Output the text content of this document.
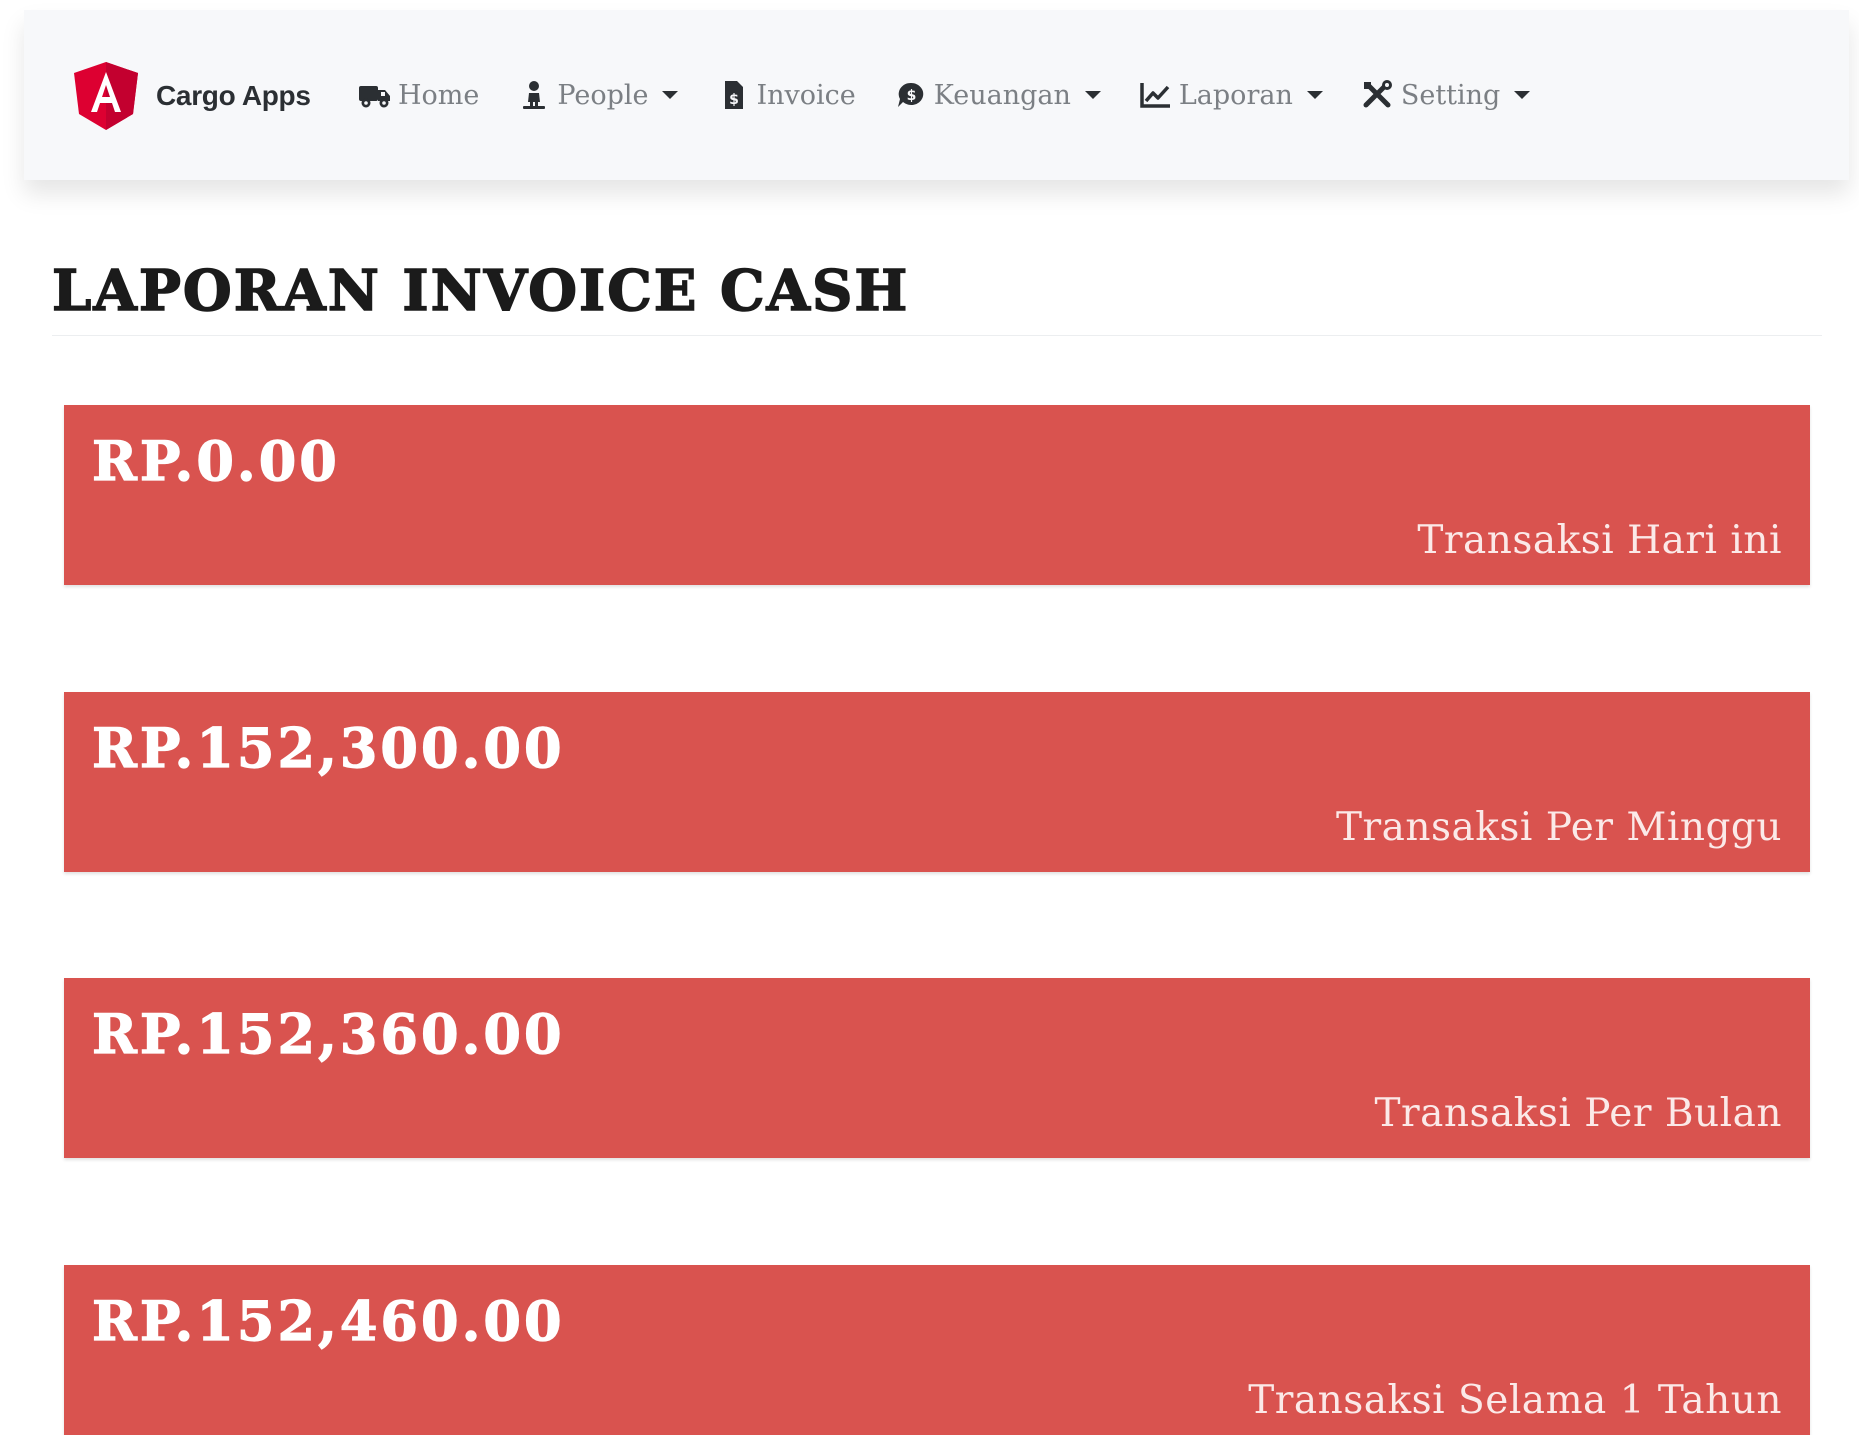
Cargo Apps	Home	People	$ Invoice	$ Keuangan	Laporan	Setting
LAPORAN INVOICE CASH
RP.0.00
Transaksi Hari ini
RP.152,300.00
Transaksi Per Minggu
RP.152,360.00
Transaksi Per Bulan
RP.152,460.00
Transaksi Selama 1 Tahun
